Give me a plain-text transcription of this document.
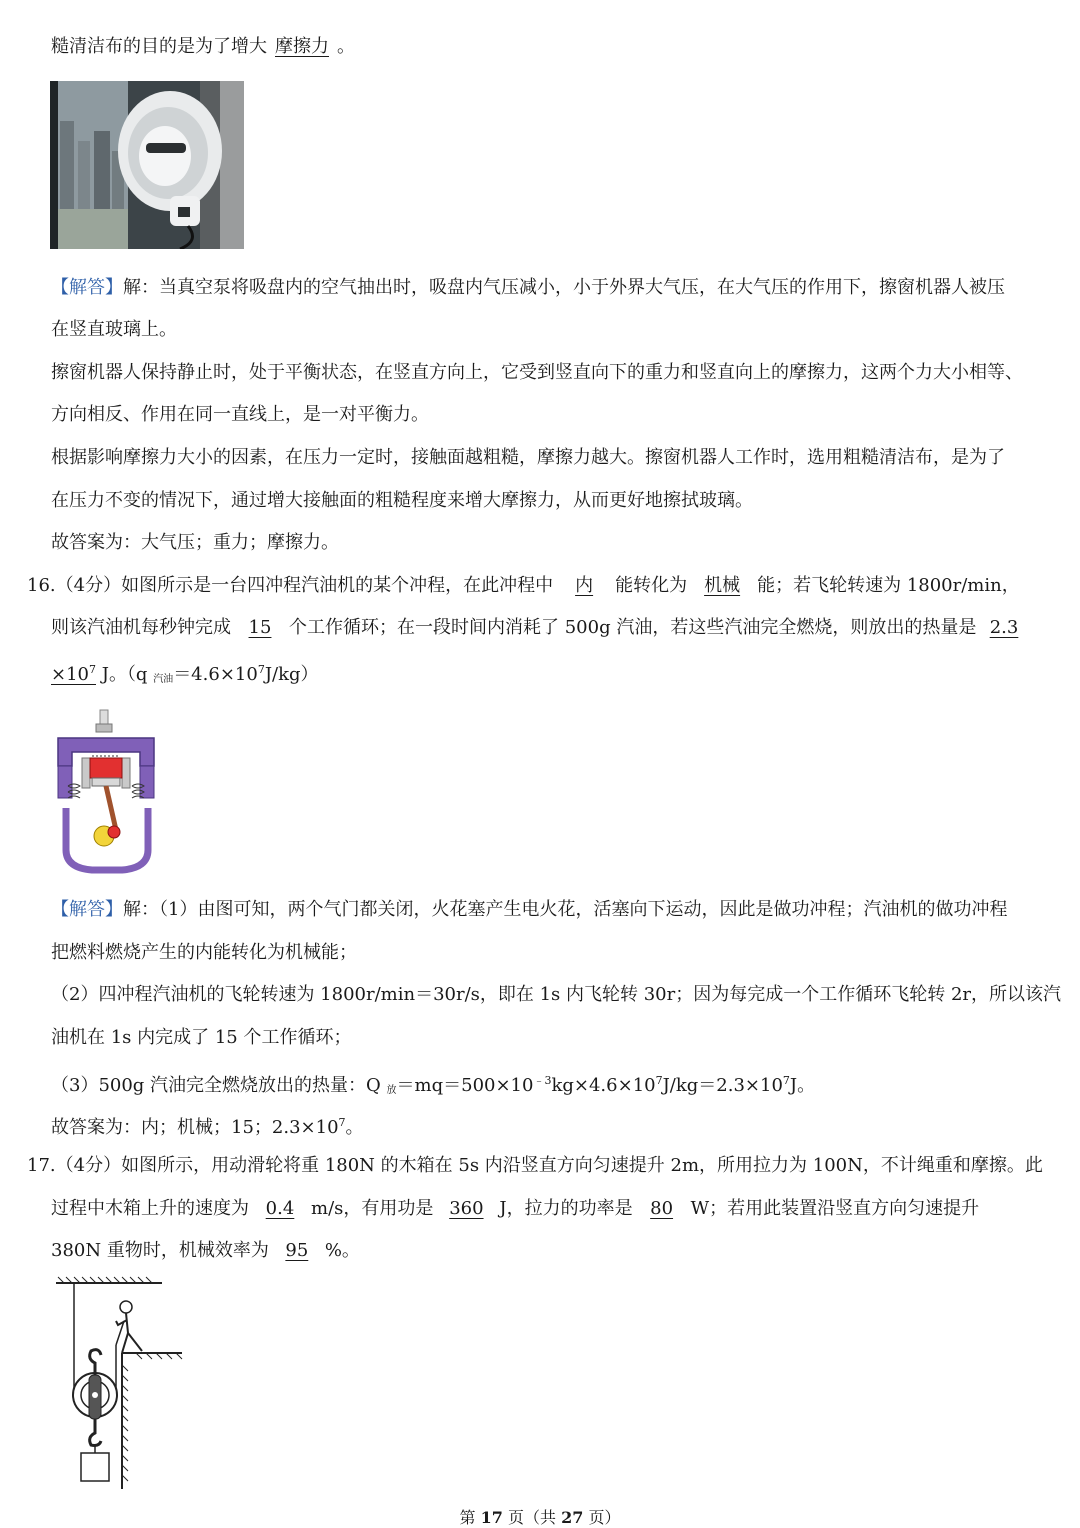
糙清洁布的目的是为了增大 摩擦力 。
【解答】解：当真空泵将吸盘内的空气抽出时，吸盘内气压减小，小于外界大气压，在大气压的作用下，擦窗机器人被压
在竖直玻璃上。
擦窗机器人保持静止时，处于平衡状态，在竖直方向上，它受到竖直向下的重力和竖直向上的摩擦力，这两个力大小相等、
方向相反、作用在同一直线上，是一对平衡力。
根据影响摩擦力大小的因素，在压力一定时，接触面越粗糙，摩擦力越大。擦窗机器人工作时，选用粗糙清洁布，是为了
在压力不变的情况下，通过增大接触面的粗糙程度来增大摩擦力，从而更好地擦拭玻璃。
故答案为：大气压；重力；摩擦力。
16.（4分）如图所示是一台四冲程汽油机的某个冲程，在此冲程中 内 能转化为 机械 能；若飞轮转速为 1800r/min，
则该汽油机每秒钟完成 15 个工作循环；在一段时间内消耗了 500g 汽油，若这些汽油完全燃烧，则放出的热量是 2.3
$\times 10^7$ J。（q $_{汽油}=4.6\times 10^7J/kg$）
【解答】解：（1）由图可知，两个气门都关闭，火花塞产生电火花，活塞向下运动，因此是做功冲程；汽油机的做功冲程
把燃料燃烧产生的内能转化为机械能；
（2）四冲程汽油机的飞轮转速为 1800r/min＝30r/s，即在 1s 内飞轮转 30r；因为每完成一个工作循环飞轮转 2r，所以该汽
油机在 1s 内完成了 15 个工作循环；
（3）500g 汽油完全燃烧放出的热量：Q $_放=mq=500\times 10^{﹣3}kg\times 4.6\times 10^7J/kg=2.3\times 10^7J$。
故答案为：内；机械；15；$2.3\times 10^7$。
17.（4分）如图所示，用动滑轮将重 180N 的木箱在 5s 内沿竖直方向匀速提升 2m，所用拉力为 100N，不计绳重和摩擦。此
过程中木箱上升的速度为 0.4 m/s，有用功是 360 J，拉力的功率是 80 W；若用此装置沿竖直方向匀速提升
380N 重物时，机械效率为 95 %。
第 17 页（共 27 页）
